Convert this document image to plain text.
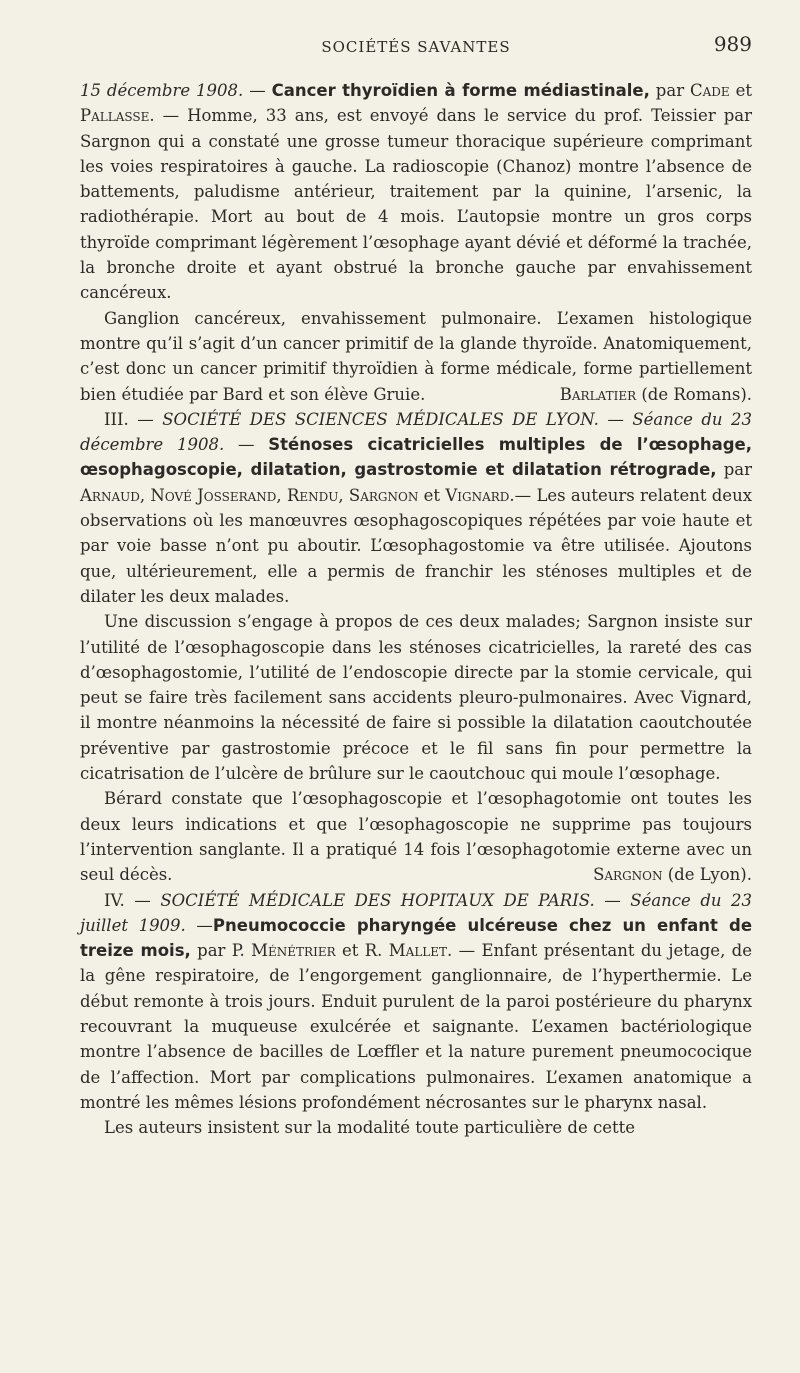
SOCIÉTÉS SAVANTES	989

15 décembre 1908. — Cancer thyroïdien à forme médiastinale, par Cade et Pallasse. — Homme, 33 ans, est envoyé dans le service du prof. Teissier par Sargnon qui a constaté une grosse tumeur thoracique supérieure comprimant les voies respiratoires à gauche. La radioscopie (Chanoz) montre l’absence de battements, paludisme antérieur, traitement par la quinine, l’arsenic, la radiothérapie. Mort au bout de 4 mois. L’autopsie montre un gros corps thyroïde comprimant légèrement l’œsophage ayant dévié et déformé la trachée, la bronche droite et ayant obstrué la bronche gauche par envahissement cancéreux.

Ganglion cancéreux, envahissement pulmonaire. L’examen histologique montre qu’il s’agit d’un cancer primitif de la glande thyroïde. Anatomiquement, c’est donc un cancer primitif thyroïdien à forme médicale, forme partiellement bien étudiée par Bard et son élève Gruie.	Barlatier (de Romans).

III. — SOCIÉTÉ DES SCIENCES MÉDICALES DE LYON. — Séance du 23 décembre 1908. — Sténoses cicatricielles multiples de l’œsophage, œsophagoscopie, dilatation, gastrostomie et dilatation rétrograde, par Arnaud, Nové Josserand, Rendu, Sargnon et Vignard.— Les auteurs relatent deux observations où les manœuvres œsophagoscopiques répétées par voie haute et par voie basse n’ont pu aboutir. L’œsophagostomie va être utilisée. Ajoutons que, ultérieurement, elle a permis de franchir les sténoses multiples et de dilater les deux malades.

Une discussion s’engage à propos de ces deux malades; Sargnon insiste sur l’utilité de l’œsophagoscopie dans les sténoses cicatricielles, la rareté des cas d’œsophagostomie, l’utilité de l’endoscopie directe par la stomie cervicale, qui peut se faire très facilement sans accidents pleuro-pulmonaires. Avec Vignard, il montre néanmoins la nécessité de faire si possible la dilatation caoutchoutée préventive par gastrostomie précoce et le fil sans fin pour permettre la cicatrisation de l’ulcère de brûlure sur le caoutchouc qui moule l’œsophage.

Bérard constate que l’œsophagoscopie et l’œsophagotomie ont toutes les deux leurs indications et que l’œsophagoscopie ne supprime pas toujours l’intervention sanglante. Il a pratiqué 14 fois l’œsophagotomie externe avec un seul décès.	Sargnon (de Lyon).

IV. — SOCIÉTÉ MÉDICALE DES HOPITAUX DE PARIS. — Séance du 23 juillet 1909. —Pneumococcie pharyngée ulcéreuse chez un enfant de treize mois, par P. Ménétrier et R. Mallet. — Enfant présentant du jetage, de la gêne respiratoire, de l’engorgement ganglionnaire, de l’hyperthermie. Le début remonte à trois jours. Enduit purulent de la paroi postérieure du pharynx recouvrant la muqueuse exulcérée et saignante. L’examen bactériologique montre l’absence de bacilles de Lœffler et la nature purement pneumococique de l’affection. Mort par complications pulmonaires. L’examen anatomique a montré les mêmes lésions profondément nécrosantes sur le pharynx nasal.

Les auteurs insistent sur la modalité toute particulière de cette
